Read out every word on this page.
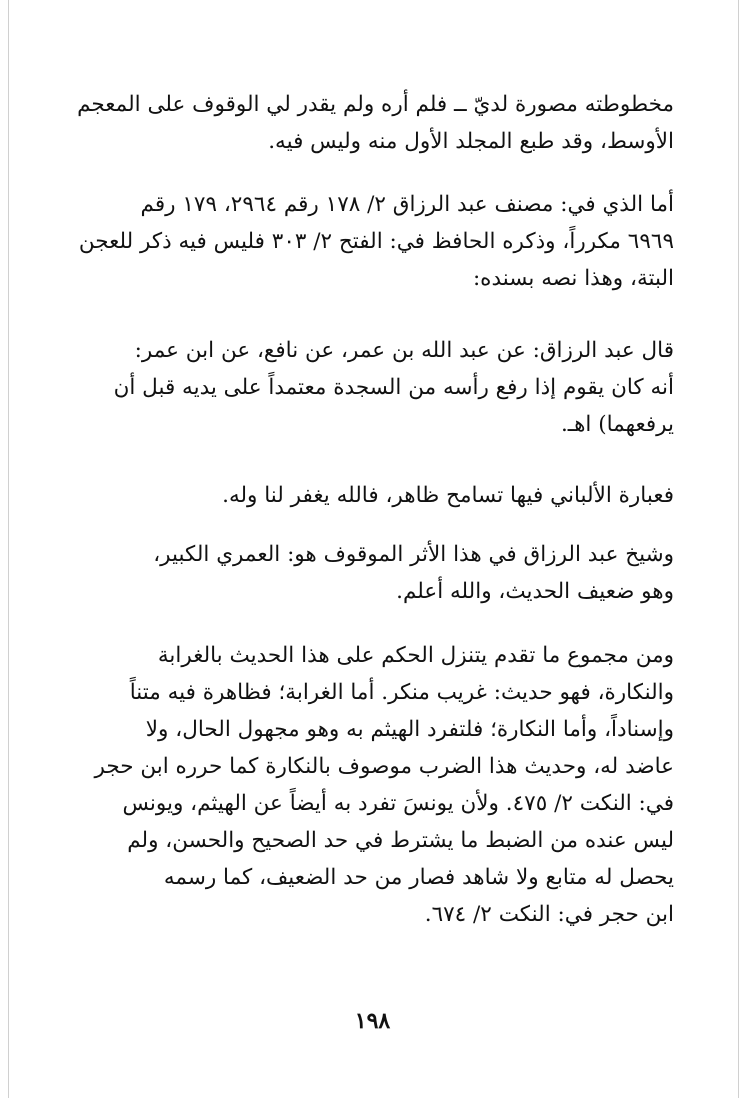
مخطوطته مصورة لديّ ــ فلم أره ولم يقدر لي الوقوف على المعجم
الأوسط، وقد طبع المجلد الأول منه وليس فيه.
أما الذي في: مصنف عبد الرزاق ٢/ ١٧٨ رقم ٢٩٦٤، ١٧٩ رقم
٦٩٦٩ مكرراً، وذكره الحافظ في: الفتح ٢/ ٣٠٣ فليس فيه ذكر للعجن
البتة، وهذا نصه بسنده:
قال عبد الرزاق: عن عبد الله بن عمر، عن نافع، عن ابن عمر:
أنه كان يقوم إذا رفع رأسه من السجدة معتمداً على يديه قبل أن
يرفعهما) اهـ.
فعبارة الألباني فيها تسامح ظاهر، فالله يغفر لنا وله.
وشيخ عبد الرزاق في هذا الأثر الموقوف هو: العمري الكبير،
وهو ضعيف الحديث، والله أعلم.
ومن مجموع ما تقدم يتنزل الحكم على هذا الحديث بالغرابة
والنكارة، فهو حديث: غريب منكر. أما الغرابة؛ فظاهرة فيه متناً
وإسناداً، وأما النكارة؛ فلتفرد الهيثم به وهو مجهول الحال، ولا
عاضد له، وحديث هذا الضرب موصوف بالنكارة كما حرره ابن حجر
في: النكت ٢/ ٤٧٥. ولأن يونسَ تفرد به أيضاً عن الهيثم، ويونس
ليس عنده من الضبط ما يشترط في حد الصحيح والحسن، ولم
يحصل له متابع ولا شاهد فصار من حد الضعيف، كما رسمه
ابن حجر في: النكت ٢/ ٦٧٤.
١٩٨
